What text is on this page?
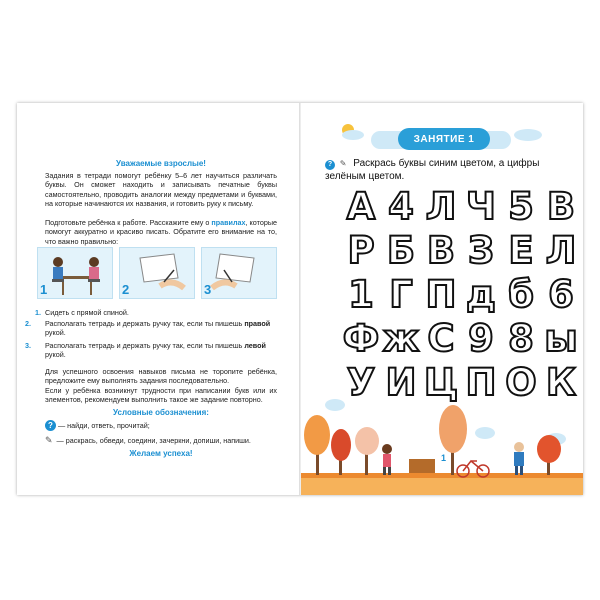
Уважаемые взрослые!
Задания в тетради помогут ребёнку 5–6 лет научиться различать буквы. Он сможет находить и записывать печатные буквы самостоятельно, проводить аналогии между предметами и буквами, на которые начинаются их названия, и готовить руку к письму.
Подготовьте ребёнка к работе. Расскажите ему о правилах, которые помогут аккуратно и красиво писать. Обратите его внимание на то, что важно правильно:
1	2	3
1. Сидеть с прямой спиной.
2. Располагать тетрадь и держать ручку так, если ты пишешь правой рукой.
3. Располагать тетрадь и держать ручку так, если ты пишешь левой рукой.
Для успешного освоения навыков письма не торопите ребёнка, предложите ему выполнять задания последовательно.
Если у ребёнка возникнут трудности при написании букв или их элементов, рекомендуем выполнить такое же задание повторно.
Условные обозначения:
? — найди, ответь, прочитай;
✎ — раскрась, обведи, соедини, зачеркни, допиши, напиши.
Желаем успеха!
ЗАНЯТИЕ 1
? ✎ Раскрась буквы синим цветом, а цифры зелёным цветом.
А 4 Л Ч 5 В
Р Б В З Е Л
1 Г П д б 6
Ф ж С 9 8 ы
У И Ц П О К
1
